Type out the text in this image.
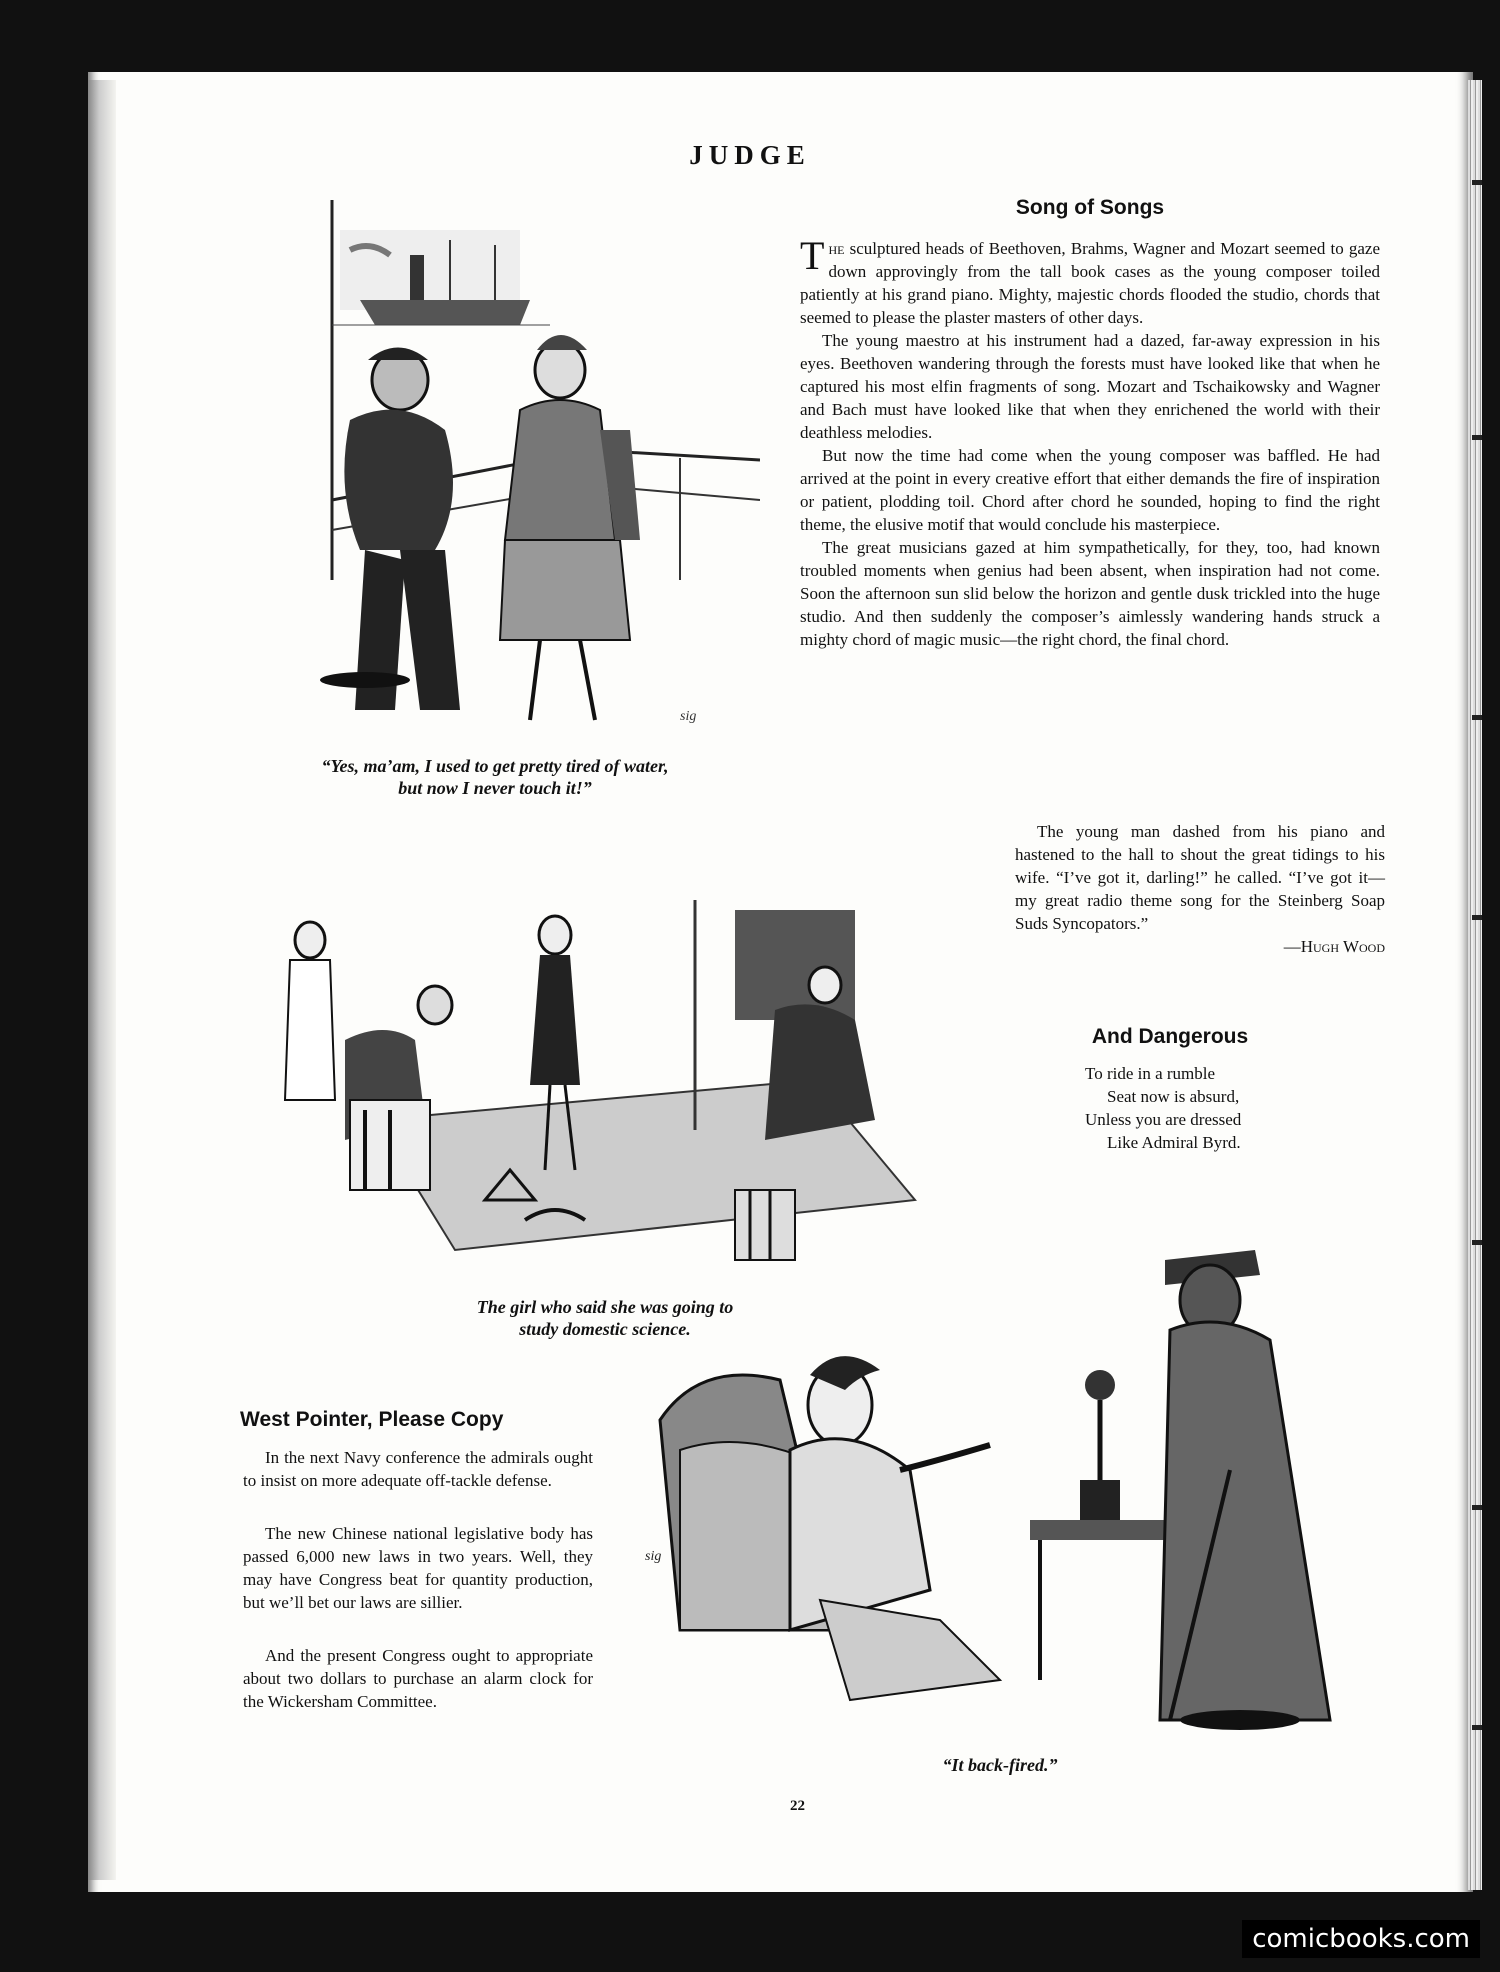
JUDGE
sig
“Yes, ma’am, I used to get pretty tired of water,
but now I never touch it!”
Song of Songs

The sculptured heads of Beethoven, Brahms, Wagner and Mozart seemed to gaze down approvingly from the tall book cases as the young composer toiled patiently at his grand piano. Mighty, majestic chords flooded the studio, chords that seemed to please the plaster masters of other days.

The young maestro at his instrument had a dazed, far-away expression in his eyes. Beethoven wandering through the forests must have looked like that when he captured his most elfin fragments of song. Mozart and Tschaikowsky and Wagner and Bach must have looked like that when they enrichened the world with their deathless melodies.

But now the time had come when the young composer was baffled. He had arrived at the point in every creative effort that either demands the fire of inspiration or patient, plodding toil. Chord after chord he sounded, hoping to find the right theme, the elusive motif that would conclude his masterpiece.

The great musicians gazed at him sympathetically, for they, too, had known troubled moments when genius had been absent, when inspiration had not come. Soon the afternoon sun slid below the horizon and gentle dusk trickled into the huge studio. And then suddenly the composer’s aimlessly wandering hands struck a mighty chord of magic music—the right chord, the final chord.

The young man dashed from his piano and hastened to the hall to shout the great tidings to his wife. “I’ve got it, darling!” he called. “I’ve got it—my great radio theme song for the Steinberg Soap Suds Syncopators.”

—Hugh Wood
The girl who said she was going to
study domestic science.
And Dangerous
To ride in a rumble
Seat now is absurd,
Unless you are dressed
Like Admiral Byrd.
West Pointer, Please Copy

In the next Navy conference the admirals ought to insist on more adequate off-tackle defense.

The new Chinese national legislative body has passed 6,000 new laws in two years. Well, they may have Congress beat for quantity production, but we’ll bet our laws are sillier.

And the present Congress ought to appropriate about two dollars to purchase an alarm clock for the Wickersham Committee.

sig
“It back-fired.”
22
comicbooks.com
